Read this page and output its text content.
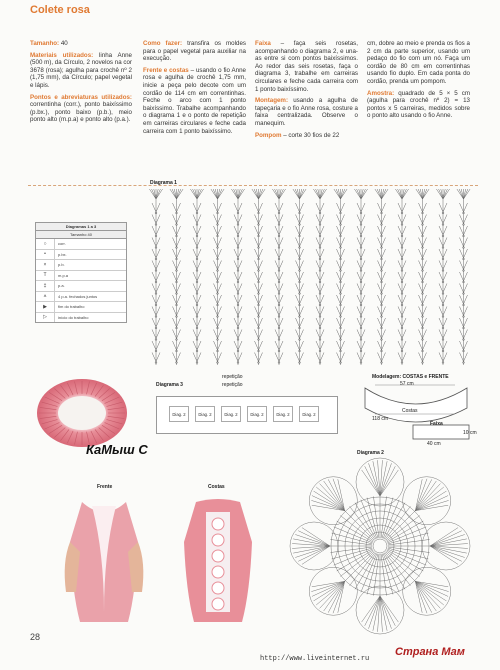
Colete rosa

Tamanho: 40

Materiais utilizados: linha Anne (500 m), da Círculo, 2 novelos na cor 3678 (rosa); agulha para crochê nº 2 (1,75 mm), da Círculo; papel vegetal e lápis.

Pontos e abreviaturas utilizados: correntinha (corr.), ponto baixíssimo (p.bx.), ponto baixo (p.b.), meio ponto alto (m.p.a) e ponto alto (p.a.).

Como fazer: transfira os moldes para o papel vegetal para auxiliar na execução.

Frente e costas – usando o fio Anne rosa e agulha de crochê 1,75 mm, inicie a peça pelo decote com um cordão de 114 cm em correntinhas. Feche o arco com 1 ponto baixíssimo. Trabalhe acompanhando o diagrama 1 e o ponto de repetição em carreiras circulares e feche cada carreira com 1 ponto baixíssimo.

Faixa – faça seis rosetas, acompanhando o diagrama 2, e una-as entre si com pontos baixíssimos. Ao redor das seis rosetas, faça o diagrama 3, trabalhe em carreiras circulares e feche cada carreira com 1 ponto baixíssimo.

Montagem: usando a agulha de tapeçaria e o fio Anne rosa, costure a faixa centralizada. Observe o manequim.

Pompom – corte 30 fios de 22

cm, dobre ao meio e prenda os fios a 2 cm da parte superior, usando um pedaço do fio com um nó. Faça um cordão de 80 cm em correntinhas usando fio duplo. Em cada ponta do cordão, prenda um pompom.

Amostra: quadrado de 5 × 5 cm (agulha para crochê nº 2) = 13 pontos x 5 carreiras, medidos sobre o ponto alto usando o fio Anne.

Diagrama 1
repetição
Diagramas 1 a 3
Tamanho 40
○	corr.
•	p.bx.
×	p.b.
T	m.p.a
‡	p.a.
⩚	4 p.a. fechados juntos
▶	fim do trabalho
▷	início do trabalho
КаМыш С
Diagrama 3	repetição
Diag. 2	Diag. 2	Diag. 2	Diag. 2	Diag. 2	Diag. 2
Modelagem: COSTAS e FRENTE
57 cm
Costas
118 cm
Faixa
40 cm
10 cm
Frente	Costas
Diagrama 2
28
http://www.liveinternet.ru
Страна Мам
